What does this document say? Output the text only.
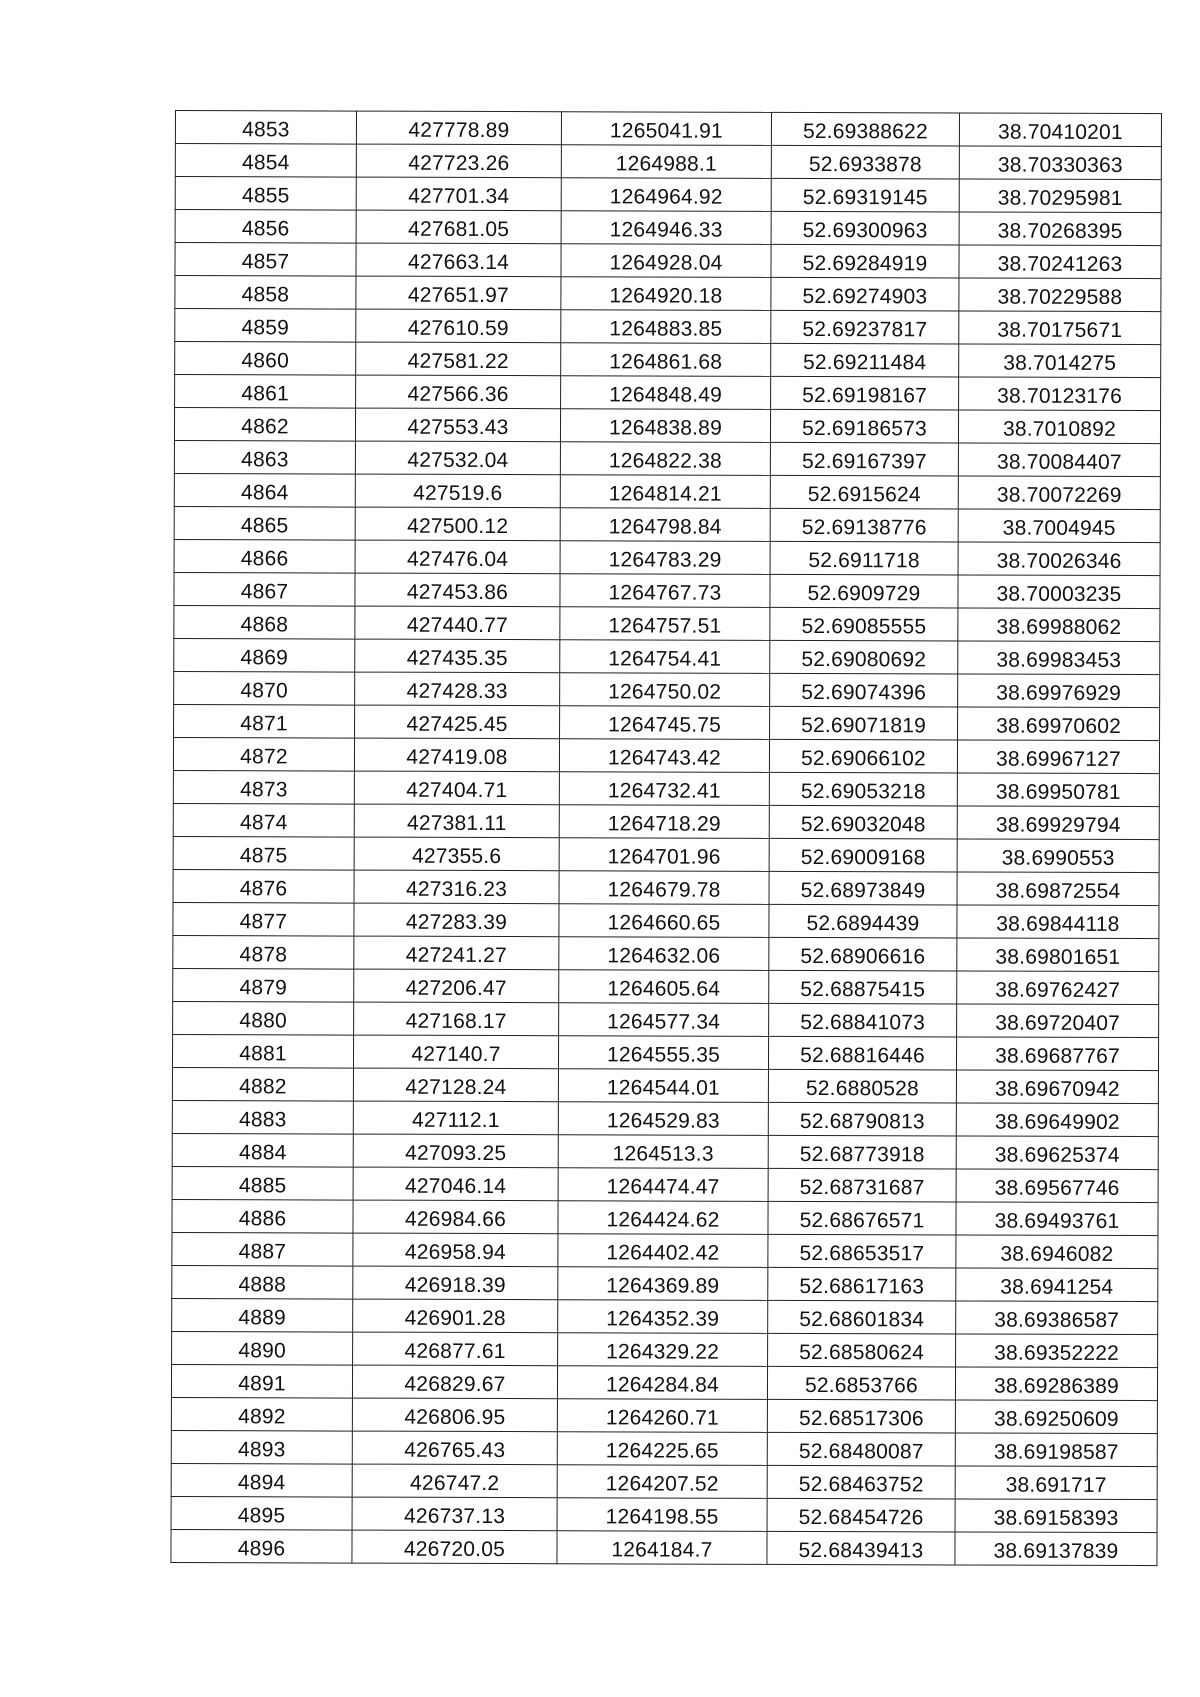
4853	427778.89	1265041.91	52.69388622	38.70410201
4854	427723.26	1264988.1	52.6933878	38.70330363
4855	427701.34	1264964.92	52.69319145	38.70295981
4856	427681.05	1264946.33	52.69300963	38.70268395
4857	427663.14	1264928.04	52.69284919	38.70241263
4858	427651.97	1264920.18	52.69274903	38.70229588
4859	427610.59	1264883.85	52.69237817	38.70175671
4860	427581.22	1264861.68	52.69211484	38.7014275
4861	427566.36	1264848.49	52.69198167	38.70123176
4862	427553.43	1264838.89	52.69186573	38.7010892
4863	427532.04	1264822.38	52.69167397	38.70084407
4864	427519.6	1264814.21	52.6915624	38.70072269
4865	427500.12	1264798.84	52.69138776	38.7004945
4866	427476.04	1264783.29	52.6911718	38.70026346
4867	427453.86	1264767.73	52.6909729	38.70003235
4868	427440.77	1264757.51	52.69085555	38.69988062
4869	427435.35	1264754.41	52.69080692	38.69983453
4870	427428.33	1264750.02	52.69074396	38.69976929
4871	427425.45	1264745.75	52.69071819	38.69970602
4872	427419.08	1264743.42	52.69066102	38.69967127
4873	427404.71	1264732.41	52.69053218	38.69950781
4874	427381.11	1264718.29	52.69032048	38.69929794
4875	427355.6	1264701.96	52.69009168	38.6990553
4876	427316.23	1264679.78	52.68973849	38.69872554
4877	427283.39	1264660.65	52.6894439	38.69844118
4878	427241.27	1264632.06	52.68906616	38.69801651
4879	427206.47	1264605.64	52.68875415	38.69762427
4880	427168.17	1264577.34	52.68841073	38.69720407
4881	427140.7	1264555.35	52.68816446	38.69687767
4882	427128.24	1264544.01	52.6880528	38.69670942
4883	427112.1	1264529.83	52.68790813	38.69649902
4884	427093.25	1264513.3	52.68773918	38.69625374
4885	427046.14	1264474.47	52.68731687	38.69567746
4886	426984.66	1264424.62	52.68676571	38.69493761
4887	426958.94	1264402.42	52.68653517	38.6946082
4888	426918.39	1264369.89	52.68617163	38.6941254
4889	426901.28	1264352.39	52.68601834	38.69386587
4890	426877.61	1264329.22	52.68580624	38.69352222
4891	426829.67	1264284.84	52.6853766	38.69286389
4892	426806.95	1264260.71	52.68517306	38.69250609
4893	426765.43	1264225.65	52.68480087	38.69198587
4894	426747.2	1264207.52	52.68463752	38.691717
4895	426737.13	1264198.55	52.68454726	38.69158393
4896	426720.05	1264184.7	52.68439413	38.69137839
